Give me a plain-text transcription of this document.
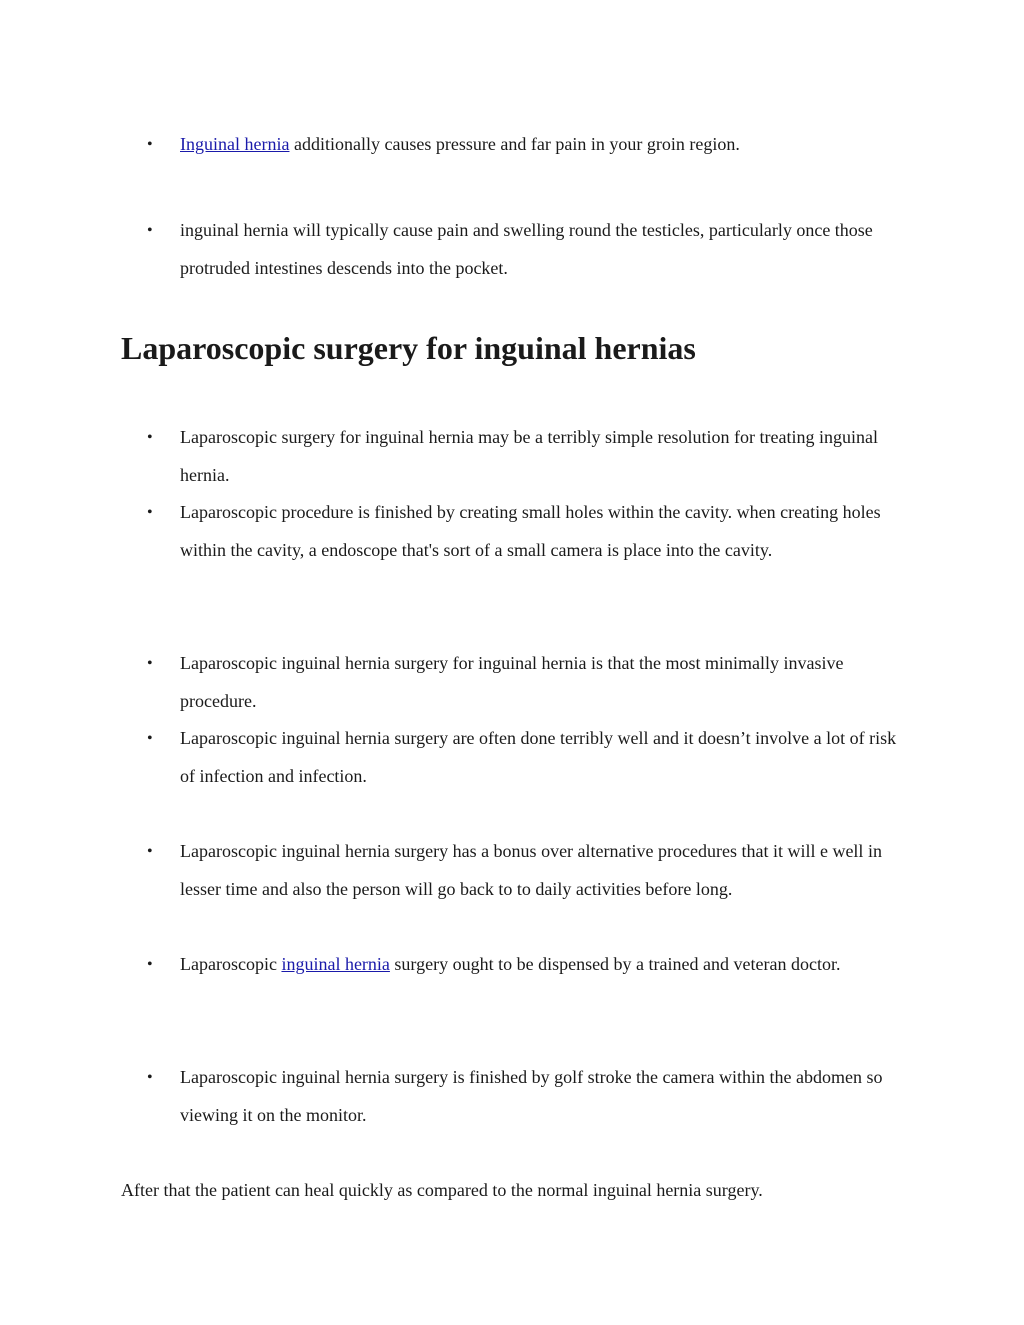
• Inguinal hernia additionally causes pressure and far pain in your groin region.
• inguinal hernia will typically cause pain and swelling round the testicles, particularly once those protruded intestines descends into the pocket.
Laparoscopic surgery for inguinal hernias
• Laparoscopic surgery for inguinal hernia may be a terribly simple resolution for treating inguinal hernia.
• Laparoscopic procedure is finished by creating small holes within the cavity. when creating holes within the cavity, a endoscope that's sort of a small camera is place into the cavity.
• Laparoscopic inguinal hernia surgery for inguinal hernia is that the most minimally invasive procedure.
• Laparoscopic inguinal hernia surgery are often done terribly well and it doesn’t involve a lot of risk of infection and infection.
• Laparoscopic inguinal hernia surgery has a bonus over alternative procedures that it will e well in lesser time and also the person will go back to to daily activities before long.
• Laparoscopic inguinal hernia surgery ought to be dispensed by a trained and veteran doctor.
• Laparoscopic inguinal hernia surgery is finished by golf stroke the camera within the abdomen so viewing it on the monitor.

After that the patient can heal quickly as compared to the normal inguinal hernia surgery.
